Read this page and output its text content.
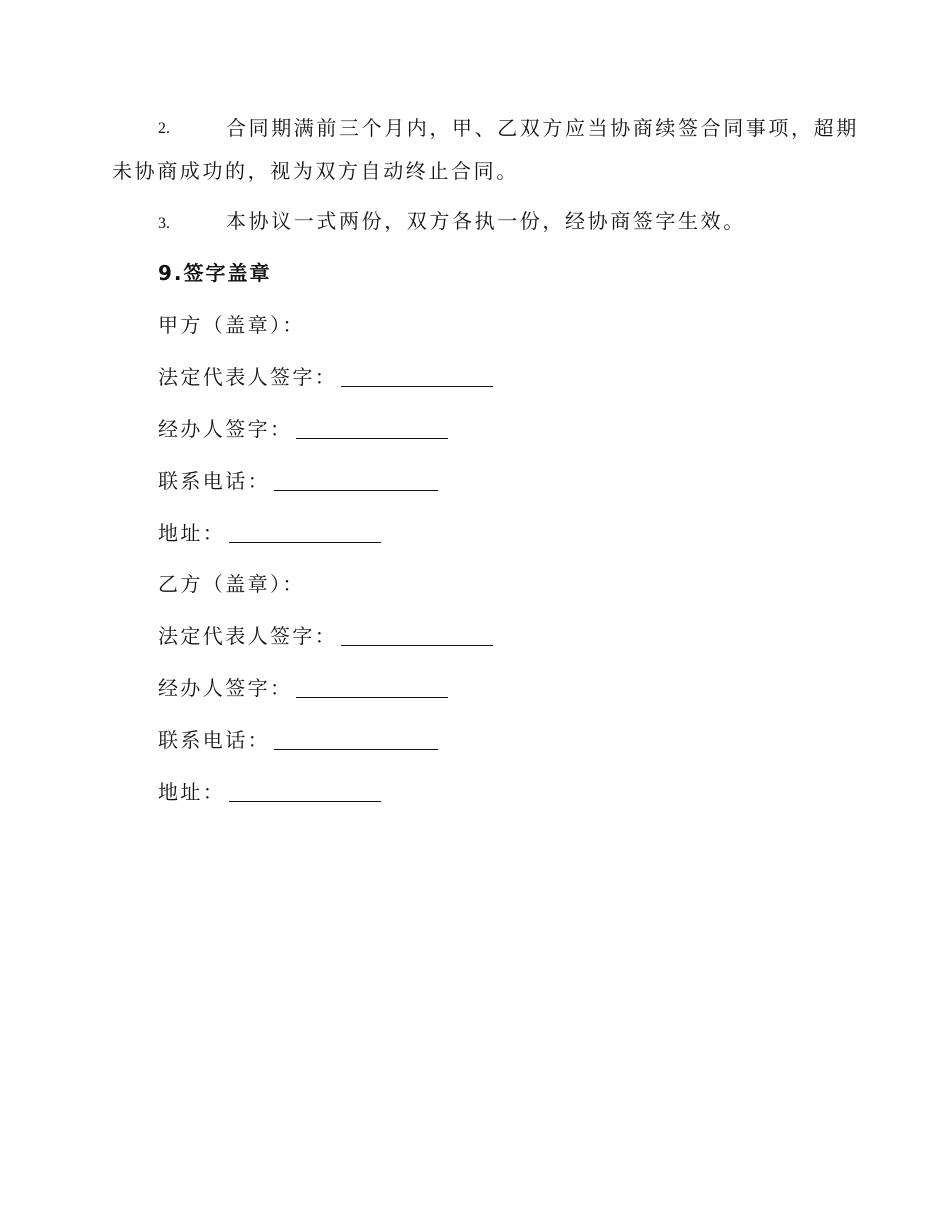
2.	合同期满前三个月内，甲、乙双方应当协商续签合同事项，超期
未协商成功的，视为双方自动终止合同。
3.	本协议一式两份，双方各执一份，经协商签字生效。
9.签字盖章
甲方（盖章）：
法定代表人签字：
经办人签字：
联系电话：
地址：
乙方（盖章）：
法定代表人签字：
经办人签字：
联系电话：
地址：
